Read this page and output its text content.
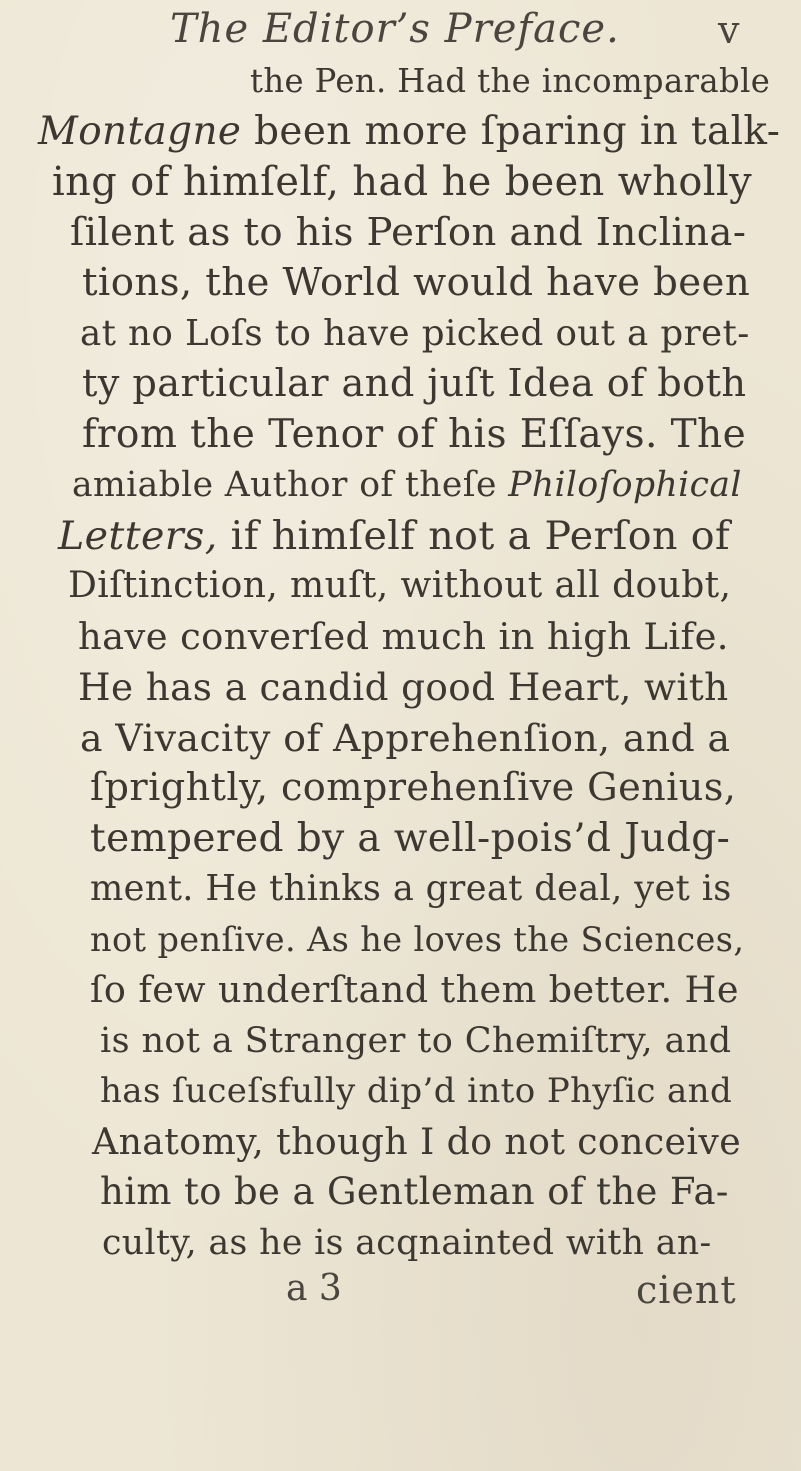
The Editor’s Preface.	v
the Pen. Had the incomparable
Montagne been more ſparing in talk-
ing of himſelf, had he been wholly
ſilent as to his Perſon and Inclina-
tions, the World would have been
at no Loſs to have picked out a pret-
ty particular and juſt Idea of both
from the Tenor of his Eſſays. The
amiable Author of theſe Philoſophical
Letters, if himſelf not a Perſon of
Diſtinction, muſt, without all doubt,
have converſed much in high Life.
He has a candid good Heart, with
a Vivacity of Apprehenſion, and a
ſprightly, comprehenſive Genius,
tempered by a well-pois’d Judg-
ment. He thinks a great deal, yet is
not penſive. As he loves the Sciences,
ſo few underſtand them better. He
is not a Stranger to Chemiſtry, and
has ſuceſsfully dip’d into Phyſic and
Anatomy, though I do not conceive
him to be a Gentleman of the Fa-
culty, as he is acqnainted with an-
a 3	cient
